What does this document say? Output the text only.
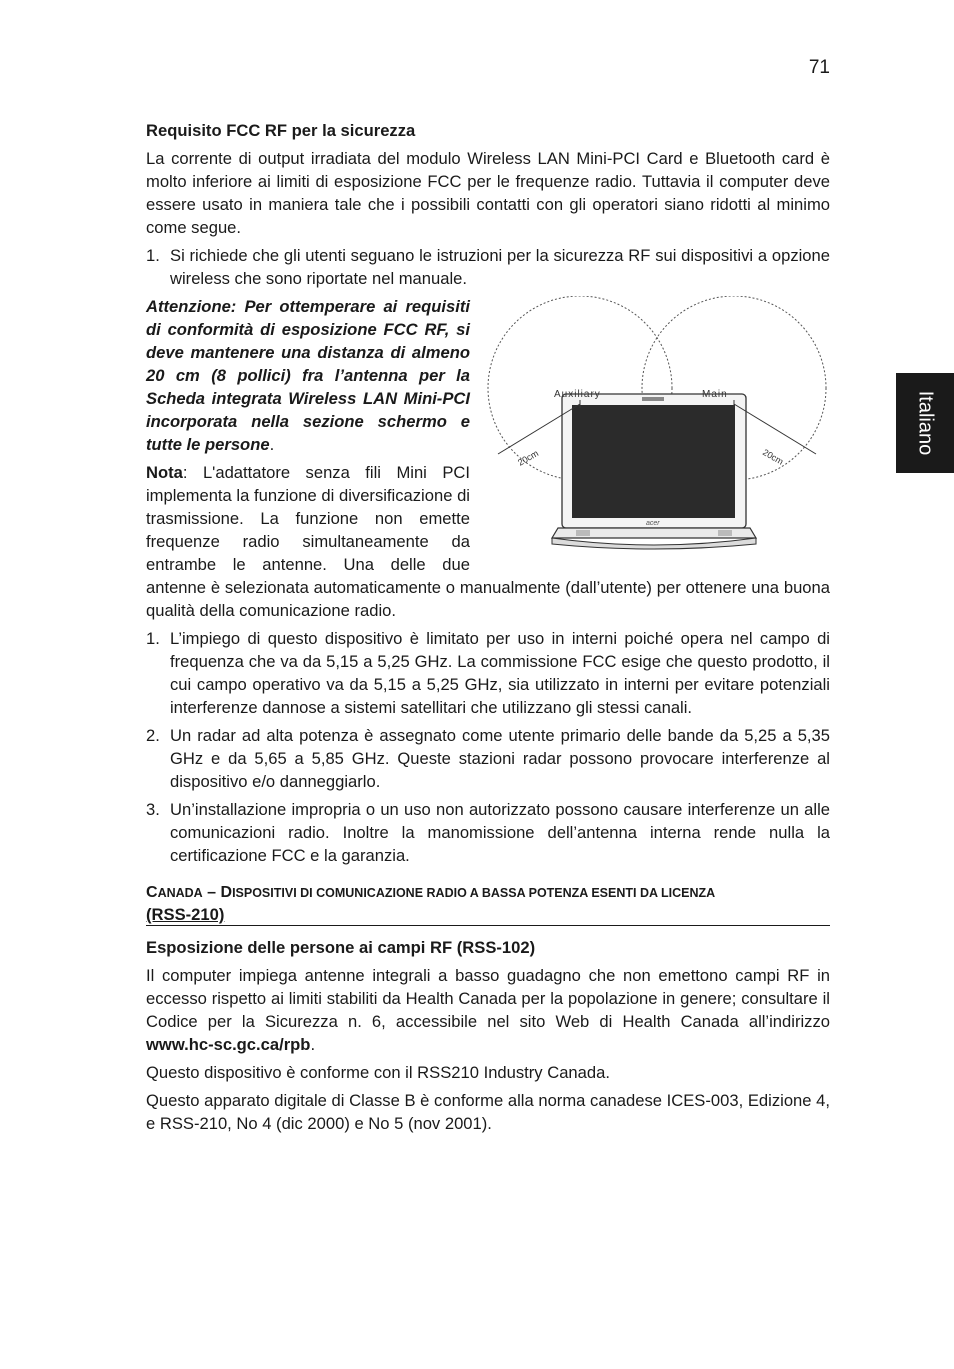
71
Italiano

Requisito FCC RF per la sicurezza

La corrente di output irradiata del modulo Wireless LAN Mini-PCI Card e Bluetooth card è molto inferiore ai limiti di esposizione FCC per le frequenze radio. Tuttavia il computer deve essere usato in maniera tale che i possibili contatti con gli operatori siano ridotti al minimo come segue.

1. Si richiede che gli utenti seguano le istruzioni per la sicurezza RF sui dispositivi a opzione wireless che sono riportate nel manuale.
acer
Auxiliary	Main
20cm	20cm

Attenzione: Per ottemperare ai requisiti di conformità di esposizione FCC RF, si deve mantenere una distanza di almeno 20 cm (8 pollici) fra l’antenna per la Scheda integrata Wireless LAN Mini-PCI incorporata nella sezione schermo e tutte le persone.

Nota: L'adattatore senza fili Mini PCI implementa la funzione di diversificazione di trasmissione. La funzione non emette frequenze radio simultaneamente da entrambe le antenne. Una delle due antenne è selezionata automaticamente o manualmente (dall’utente) per ottenere una buona qualità della comunicazione radio.

1. L’impiego di questo dispositivo è limitato per uso in interni poiché opera nel campo di frequenza che va da 5,15 a 5,25 GHz. La commissione FCC esige che questo prodotto, il cui campo operativo va da 5,15 a 5,25 GHz, sia utilizzato in interni per evitare potenziali interferenze dannose a sistemi satellitari che utilizzano gli stessi canali.
2. Un radar ad alta potenza è assegnato come utente primario delle bande da 5,25 a 5,35 GHz e da 5,65 a 5,85 GHz. Queste stazioni radar possono provocare interferenze al dispositivo e/o danneggiarlo.
3. Un’installazione impropria o un uso non autorizzato possono causare interferenze un alle comunicazioni radio. Inoltre la manomissione dell’antenna interna rende nulla la certificazione FCC e la garanzia.
CANADA – DISPOSITIVI DI COMUNICAZIONE RADIO A BASSA POTENZA ESENTI DA LICENZA
(RSS-210)

Esposizione delle persone ai campi RF (RSS-102)

Il computer impiega antenne integrali a basso guadagno che non emettono campi RF in eccesso rispetto ai limiti stabiliti da Health Canada per la popolazione in genere; consultare il Codice per la Sicurezza n. 6, accessibile nel sito Web di Health Canada all’indirizzo www.hc-sc.gc.ca/rpb.

Questo dispositivo è conforme con il RSS210 Industry Canada.

Questo apparato digitale di Classe B è conforme alla norma canadese ICES-003, Edizione 4, e RSS-210, No 4 (dic 2000) e No 5 (nov 2001).
